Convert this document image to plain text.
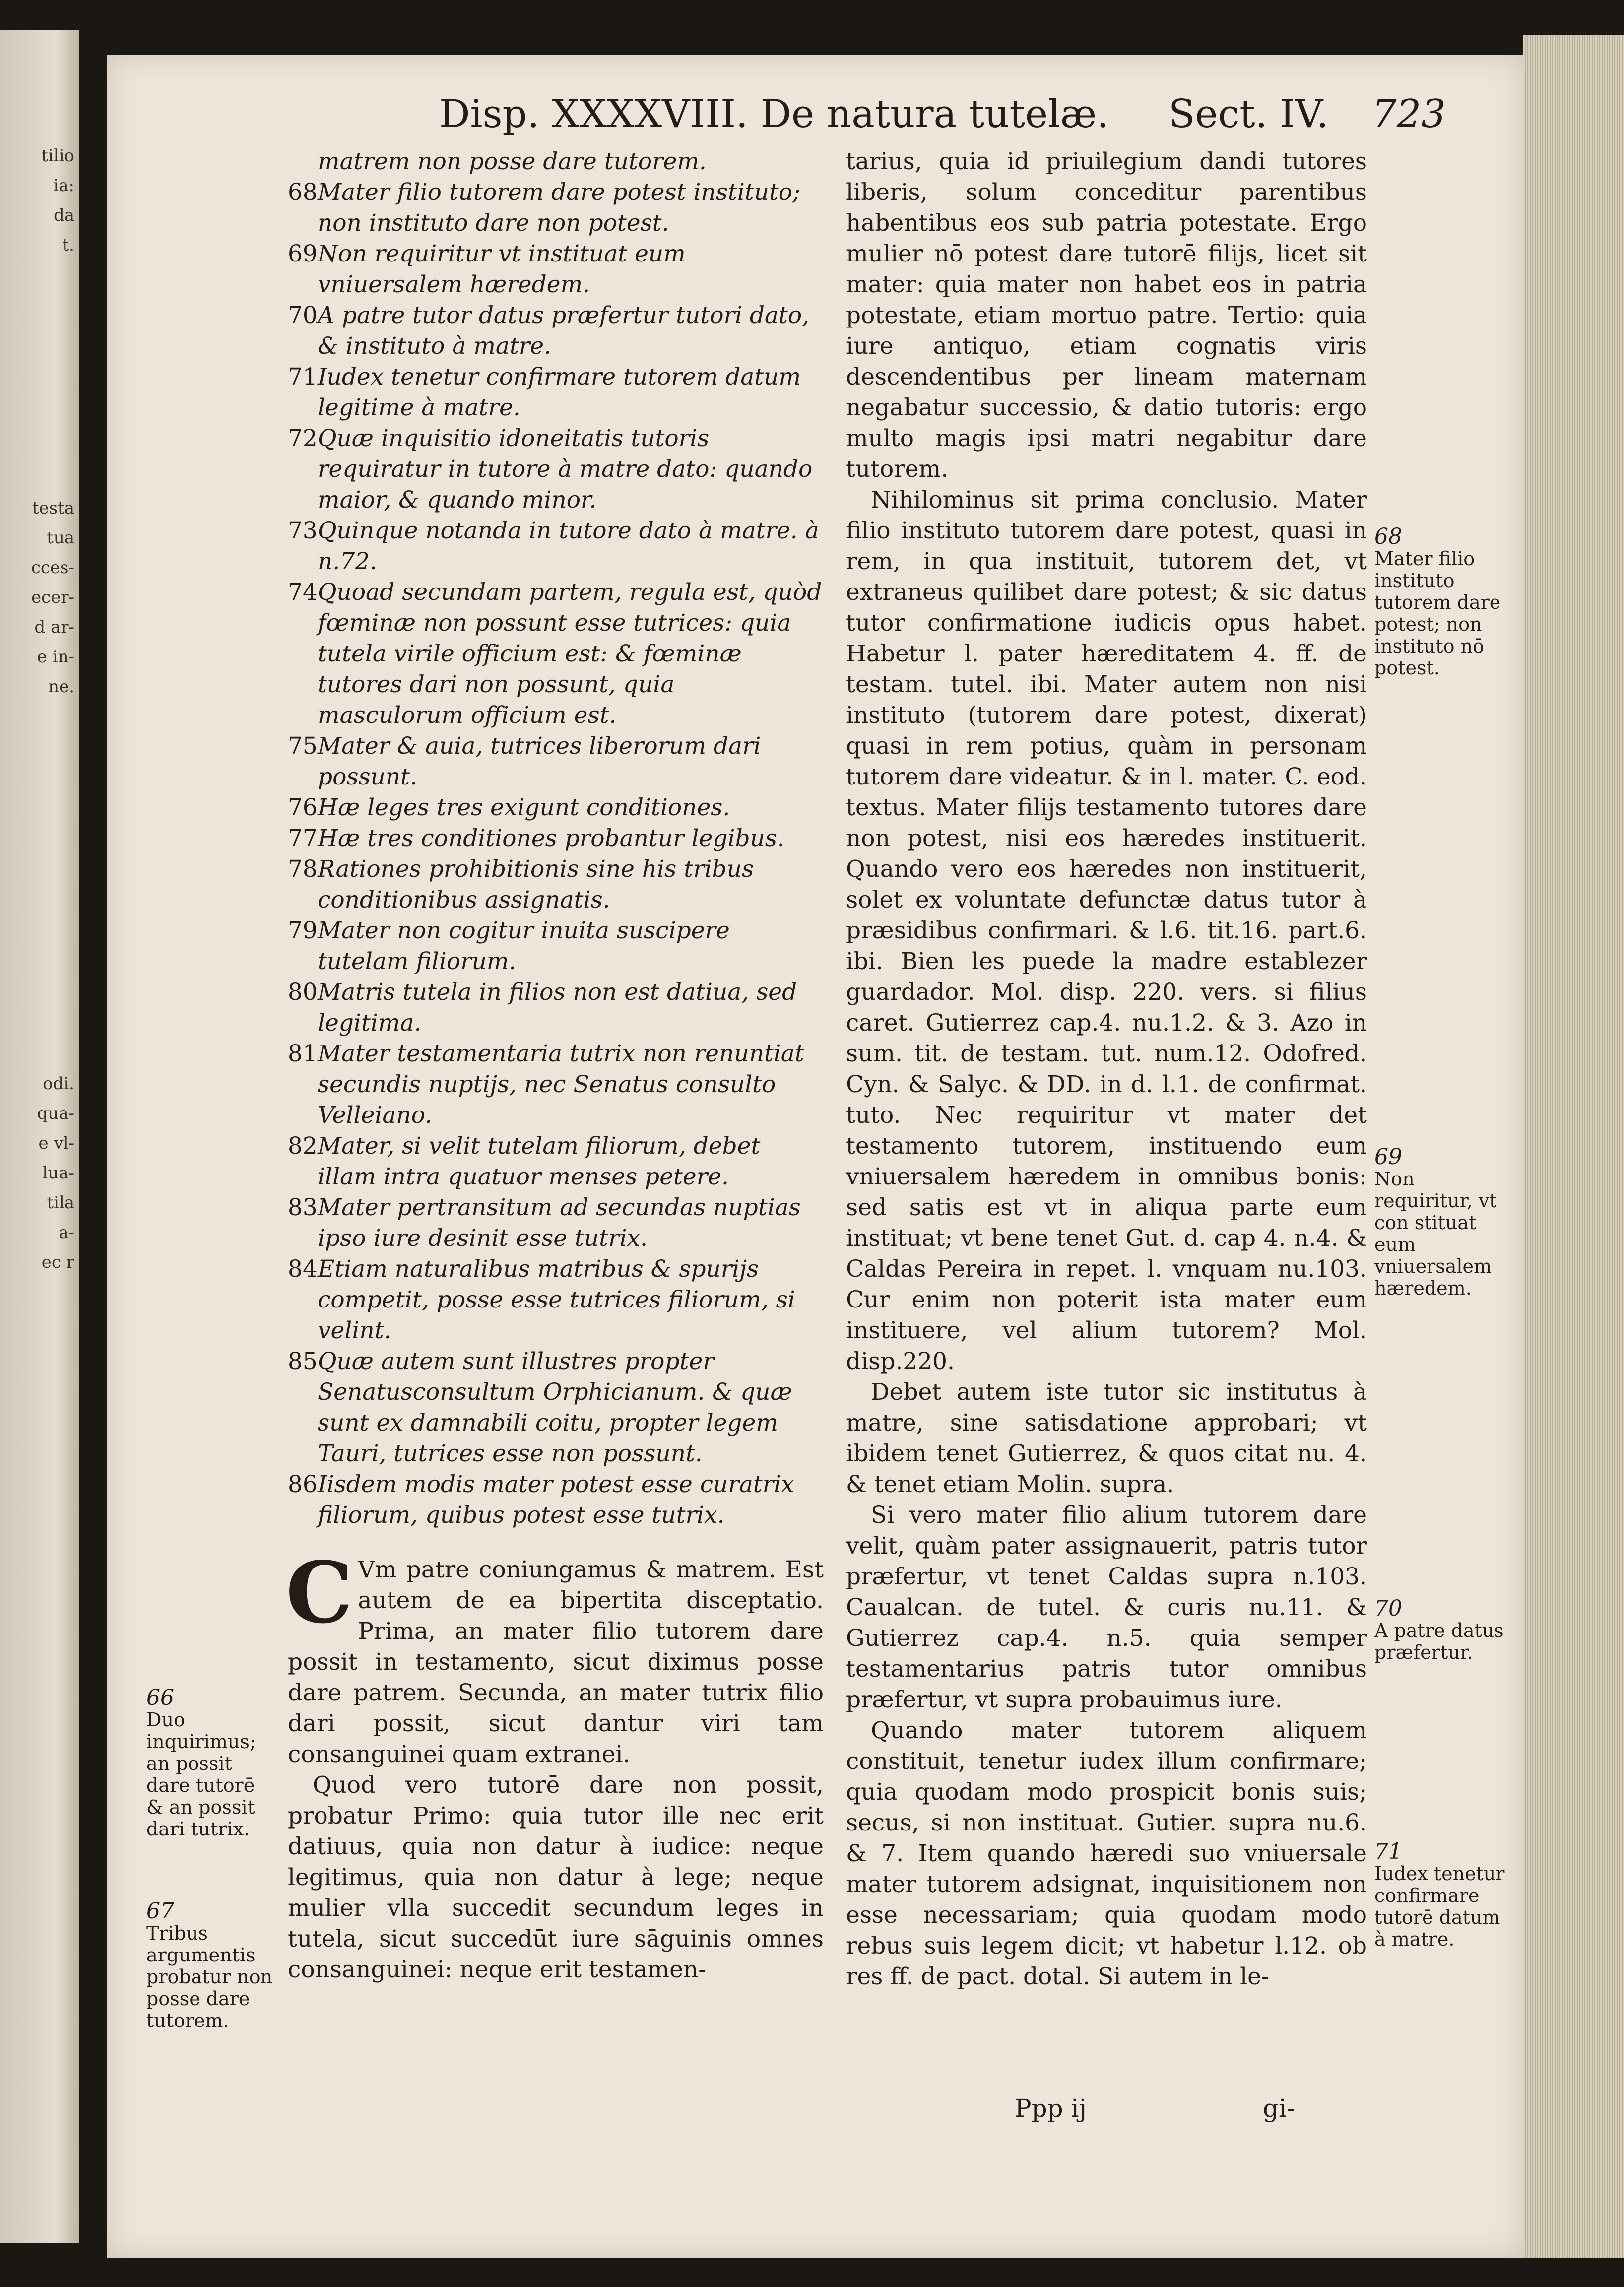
tilio
ia:
da
t.
testa
tua
cces-
ecer-
d ar-
e in-
ne.
odi.
qua-
e vl-
lua-
tila
a-
ec r
Disp. XXXXVIII. De natura tutelæ. Sect. IV. 723
matrem non posse dare tutorem.
68Mater filio tutorem dare potest instituto; non instituto dare non potest.
69Non requiritur vt instituat eum vniuersalem hæredem.
70A patre tutor datus præfertur tutori dato, & instituto à matre.
71Iudex tenetur confirmare tutorem datum legitime à matre.
72Quæ inquisitio idoneitatis tutoris requiratur in tutore à matre dato: quando maior, & quando minor.
73Quinque notanda in tutore dato à matre. à n.72.
74Quoad secundam partem, regula est, quòd fœminæ non possunt esse tutrices: quia tutela virile officium est: & fœminæ tutores dari non possunt, quia masculorum officium est.
75Mater & auia, tutrices liberorum dari possunt.
76Hæ leges tres exigunt conditiones.
77Hæ tres conditiones probantur legibus.
78Rationes prohibitionis sine his tribus conditionibus assignatis.
79Mater non cogitur inuita suscipere tutelam filiorum.
80Matris tutela in filios non est datiua, sed legitima.
81Mater testamentaria tutrix non renuntiat secundis nuptijs, nec Senatus consulto Velleiano.
82Mater, si velit tutelam filiorum, debet illam intra quatuor menses petere.
83Mater pertransitum ad secundas nuptias ipso iure desinit esse tutrix.
84Etiam naturalibus matribus & spurijs competit, posse esse tutrices filiorum, si velint.
85Quæ autem sunt illustres propter Senatusconsultum Orphicianum. & quæ sunt ex damnabili coitu, propter legem Tauri, tutrices esse non possunt.
86Iisdem modis mater potest esse curatrix filiorum, quibus potest esse tutrix.

C Vm patre coniungamus & matrem. Est autem de ea bipertita disceptatio. Prima, an mater filio tutorem dare possit in testamento, sicut diximus posse dare patrem. Secunda, an mater tutrix filio dari possit, sicut dantur viri tam consanguinei quam extranei.

Quod vero tutorē dare non possit, probatur Primo: quia tutor ille nec erit datiuus, quia non datur à iudice: neque legitimus, quia non datur à lege; neque mulier vlla succedit secundum leges in tutela, sicut succedūt iure sāguinis omnes consanguinei: neque erit testamen-

tarius, quia id priuilegium dandi tutores liberis, solum conceditur parentibus habentibus eos sub patria potestate. Ergo mulier nō potest dare tutorē filijs, licet sit mater: quia mater non habet eos in patria potestate, etiam mortuo patre. Tertio: quia iure antiquo, etiam cognatis viris descendentibus per lineam maternam negabatur successio, & datio tutoris: ergo multo magis ipsi matri negabitur dare tutorem.

Nihilominus sit prima conclusio. Mater filio instituto tutorem dare potest, quasi in rem, in qua instituit, tutorem det, vt extraneus quilibet dare potest; & sic datus tutor confirmatione iudicis opus habet. Habetur l. pater hæreditatem 4. ff. de testam. tutel. ibi. Mater autem non nisi instituto (tutorem dare potest, dixerat) quasi in rem potius, quàm in personam tutorem dare videatur. & in l. mater. C. eod. textus. Mater filijs testamento tutores dare non potest, nisi eos hæredes instituerit. Quando vero eos hæredes non instituerit, solet ex voluntate defunctæ datus tutor à præsidibus confirmari. & l.6. tit.16. part.6. ibi. Bien les puede la madre establezer guardador. Mol. disp. 220. vers. si filius caret. Gutierrez cap.4. nu.1.2. & 3. Azo in sum. tit. de testam. tut. num.12. Odofred. Cyn. & Salyc. & DD. in d. l.1. de confirmat. tuto. Nec requiritur vt mater det testamento tutorem, instituendo eum vniuersalem hæredem in omnibus bonis: sed satis est vt in aliqua parte eum instituat; vt bene tenet Gut. d. cap 4. n.4. & Caldas Pereira in repet. l. vnquam nu.103. Cur enim non poterit ista mater eum instituere, vel alium tutorem? Mol. disp.220.

Debet autem iste tutor sic institutus à matre, sine satisdatione approbari; vt ibidem tenet Gutierrez, & quos citat nu. 4. & tenet etiam Molin. supra.

Si vero mater filio alium tutorem dare velit, quàm pater assignauerit, patris tutor præfertur, vt tenet Caldas supra n.103. Caualcan. de tutel. & curis nu.11. & Gutierrez cap.4. n.5. quia semper testamentarius patris tutor omnibus præfertur, vt supra probauimus iure.

Quando mater tutorem aliquem constituit, tenetur iudex illum confirmare; quia quodam modo prospicit bonis suis; secus, si non instituat. Gutier. supra nu.6. & 7. Item quando hæredi suo vniuersale mater tutorem adsignat, inquisitionem non esse necessariam; quia quodam modo rebus suis legem dicit; vt habetur l.12. ob res ff. de pact. dotal. Si autem in le-

66
Duo inquirimus; an possit dare tutorē & an possit dari tutrix.
67
Tribus argumentis probatur non posse dare tutorem.
68
Mater filio instituto tutorem dare potest; non instituto nō potest.
69
Non requiritur, vt con stituat eum vniuersalem hæredem.
70
A patre datus præfertur.
71
Iudex tenetur confirmare tutorē datum à matre.
Ppp ij	gi-
